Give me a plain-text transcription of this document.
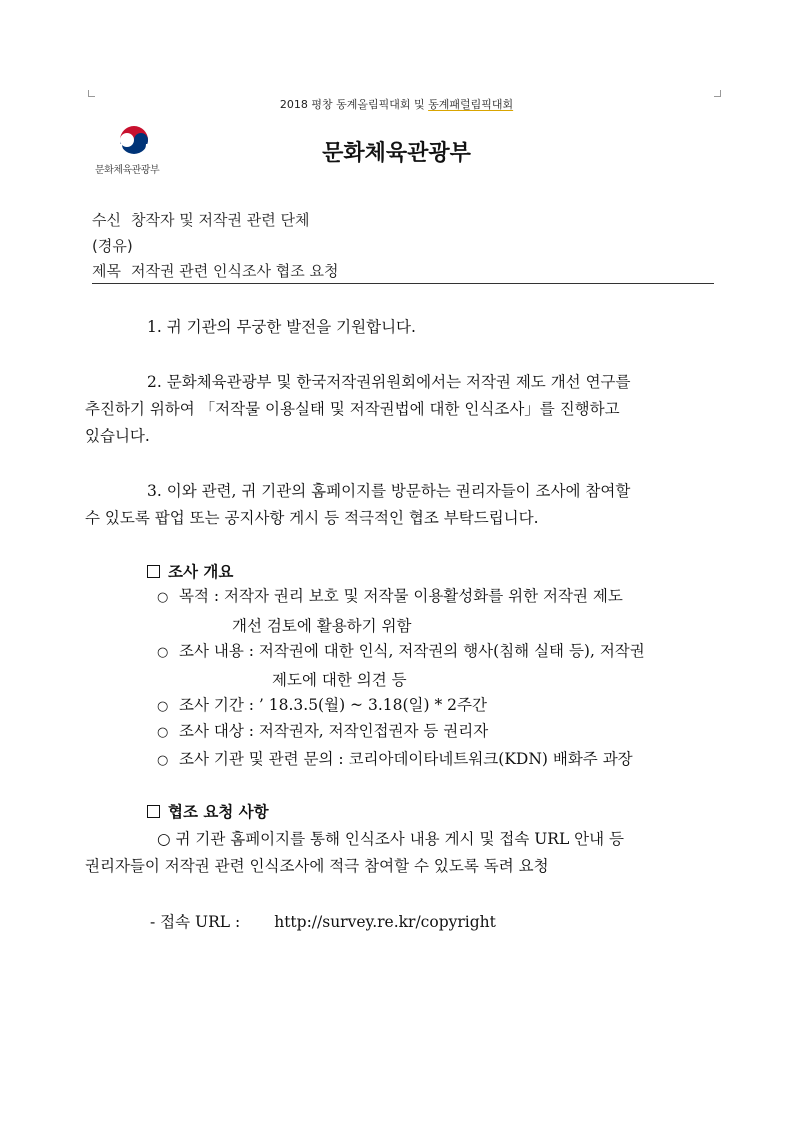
2018 평창 동계올림픽대회 및 동계패럴림픽대회
문화체육관광부
문화체육관광부
수신 창작자 및 저작권 관련 단체
(경유)
제목 저작권 관련 인식조사 협조 요청
1. 귀 기관의 무궁한 발전을 기원합니다.
2. 문화체육관광부 및 한국저작권위원회에서는 저작권 제도 개선 연구를
추진하기 위하여 「저작물 이용실태 및 저작권법에 대한 인식조사」를 진행하고
있습니다.
3. 이와 관련, 귀 기관의 홈페이지를 방문하는 권리자들이 조사에 참여할
수 있도록 팝업 또는 공지사항 게시 등 적극적인 협조 부탁드립니다.
조사 개요
○ 목적 : 저작자 권리 보호 및 저작물 이용활성화를 위한 저작권 제도
개선 검토에 활용하기 위함
○ 조사 내용 : 저작권에 대한 인식, 저작권의 행사(침해 실태 등), 저작권
제도에 대한 의견 등
○ 조사 기간 : ’ 18.3.5(월) ~ 3.18(일) * 2주간
○ 조사 대상 : 저작권자, 저작인접권자 등 권리자
○ 조사 기관 및 관련 문의 : 코리아데이타네트워크(KDN) 배화주 과장
협조 요청 사항
○ 귀 기관 홈페이지를 통해 인식조사 내용 게시 및 접속 URL 안내 등
권리자들이 저작권 관련 인식조사에 적극 참여할 수 있도록 독려 요청
- 접속 URL : http://survey.re.kr/copyright
